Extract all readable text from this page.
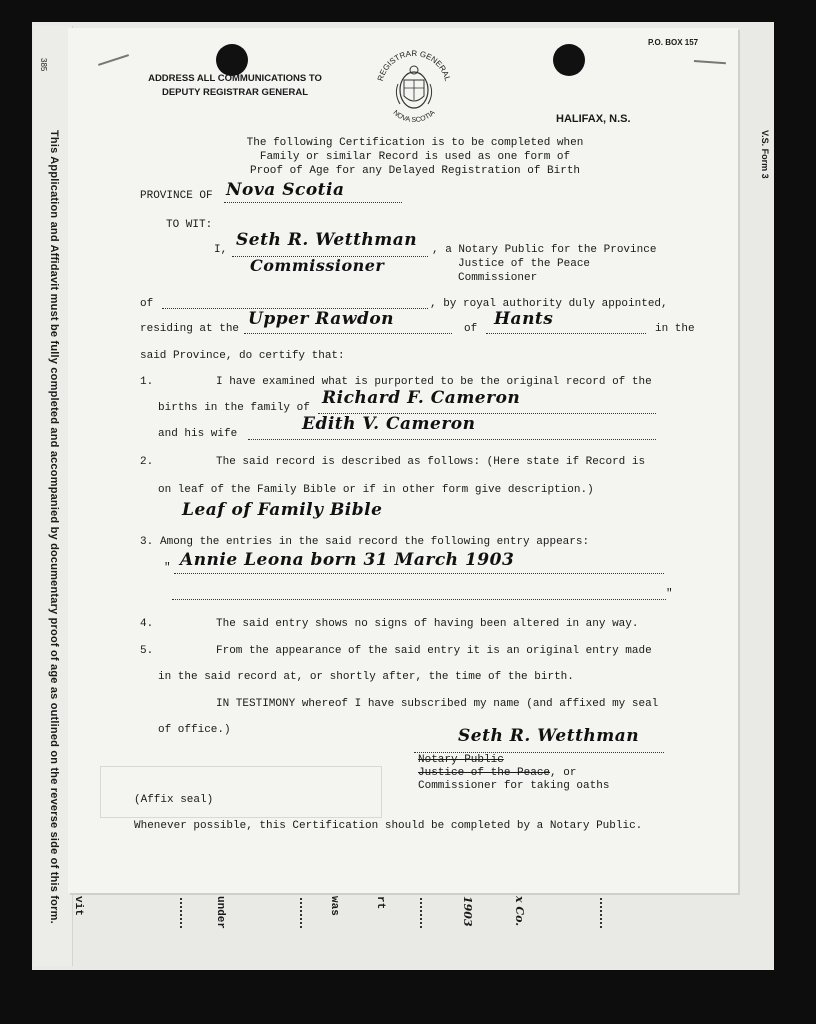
This Application and Affidavit must be fully completed and accompanied by documentary proof of age as outlined on the reverse side of this form.
385
V.S. Form 3
vit	under	was	rt	1903	x Co.
ADDRESS ALL COMMUNICATIONS TO
DEPUTY REGISTRAR GENERAL
P.O. BOX 157
HALIFAX, N.S.
REGISTRAR GENERAL
NOVA SCOTIA
The following Certification is to be completed when
Family or similar Record is used as one form of
Proof of Age for any Delayed Registration of Birth

PROVINCE OF Nova Scotia
TO WIT:
I, Seth R. Wetthman , a Notary Public for the Province
Justice of the Peace
Commissioner
Commissioner
of	, by royal authority duly appointed,
residing at the Upper Rawdon	of Hants	in the
said Province, do certify that:
1.	I have examined what is purported to be the original record of the
births in the family of Richard F. Cameron
and his wife	Edith V. Cameron
2.	The said record is described as follows: (Here state if Record is
on leaf of the Family Bible or if in other form give description.)
Leaf of Family Bible
3. Among the entries in the said record the following entry appears:
" Annie Leona born 31 March 1903
"
4.	The said entry shows no signs of having been altered in any way.
5.	From the appearance of the said entry it is an original entry made
in the said record at, or shortly after, the time of the birth.
IN TESTIMONY whereof I have subscribed my name (and affixed my seal
of office.)	Seth R. Wetthman
Notary Public
Justice of the Peace, or
Commissioner for taking oaths
(Affix seal)
Whenever possible, this Certification should be completed by a Notary Public.
